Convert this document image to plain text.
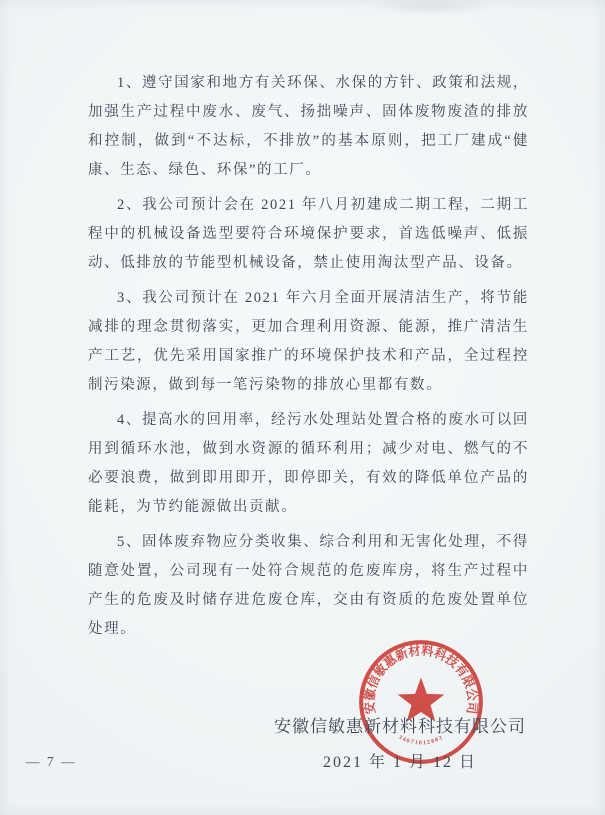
1、遵守国家和地方有关环保、水保的方针、政策和法规，加强生产过程中废水、废气、扬拙噪声、固体废物废渣的排放和控制，做到“不达标，不排放”的基本原则，把工厂建成“健康、生态、绿色、环保”的工厂。

2、我公司预计会在 2021 年八月初建成二期工程，二期工程中的机械设备选型要符合环境保护要求，首选低噪声、低振动、低排放的节能型机械设备，禁止使用淘汰型产品、设备。

3、我公司预计在 2021 年六月全面开展清洁生产，将节能减排的理念贯彻落实，更加合理利用资源、能源，推广清洁生产工艺，优先采用国家推广的环境保护技术和产品，全过程控制污染源，做到每一笔污染物的排放心里都有数。

4、提高水的回用率，经污水处理站处置合格的废水可以回用到循环水池，做到水资源的循环利用；减少对电、燃气的不必要浪费，做到即用即开，即停即关，有效的降低单位产品的能耗，为节约能源做出贡献。

5、固体废弃物应分类收集、综合利用和无害化处理，不得随意处置，公司现有一处符合规范的危废库房，将生产过程中产生的危废及时储存进危废仓库，交由有资质的危废处置单位处理。

安徽信敏惠新材料科技有限公司
34071012803
安徽信敏惠新材料科技有限公司
2021 年 1 月 12 日
— 7 —
